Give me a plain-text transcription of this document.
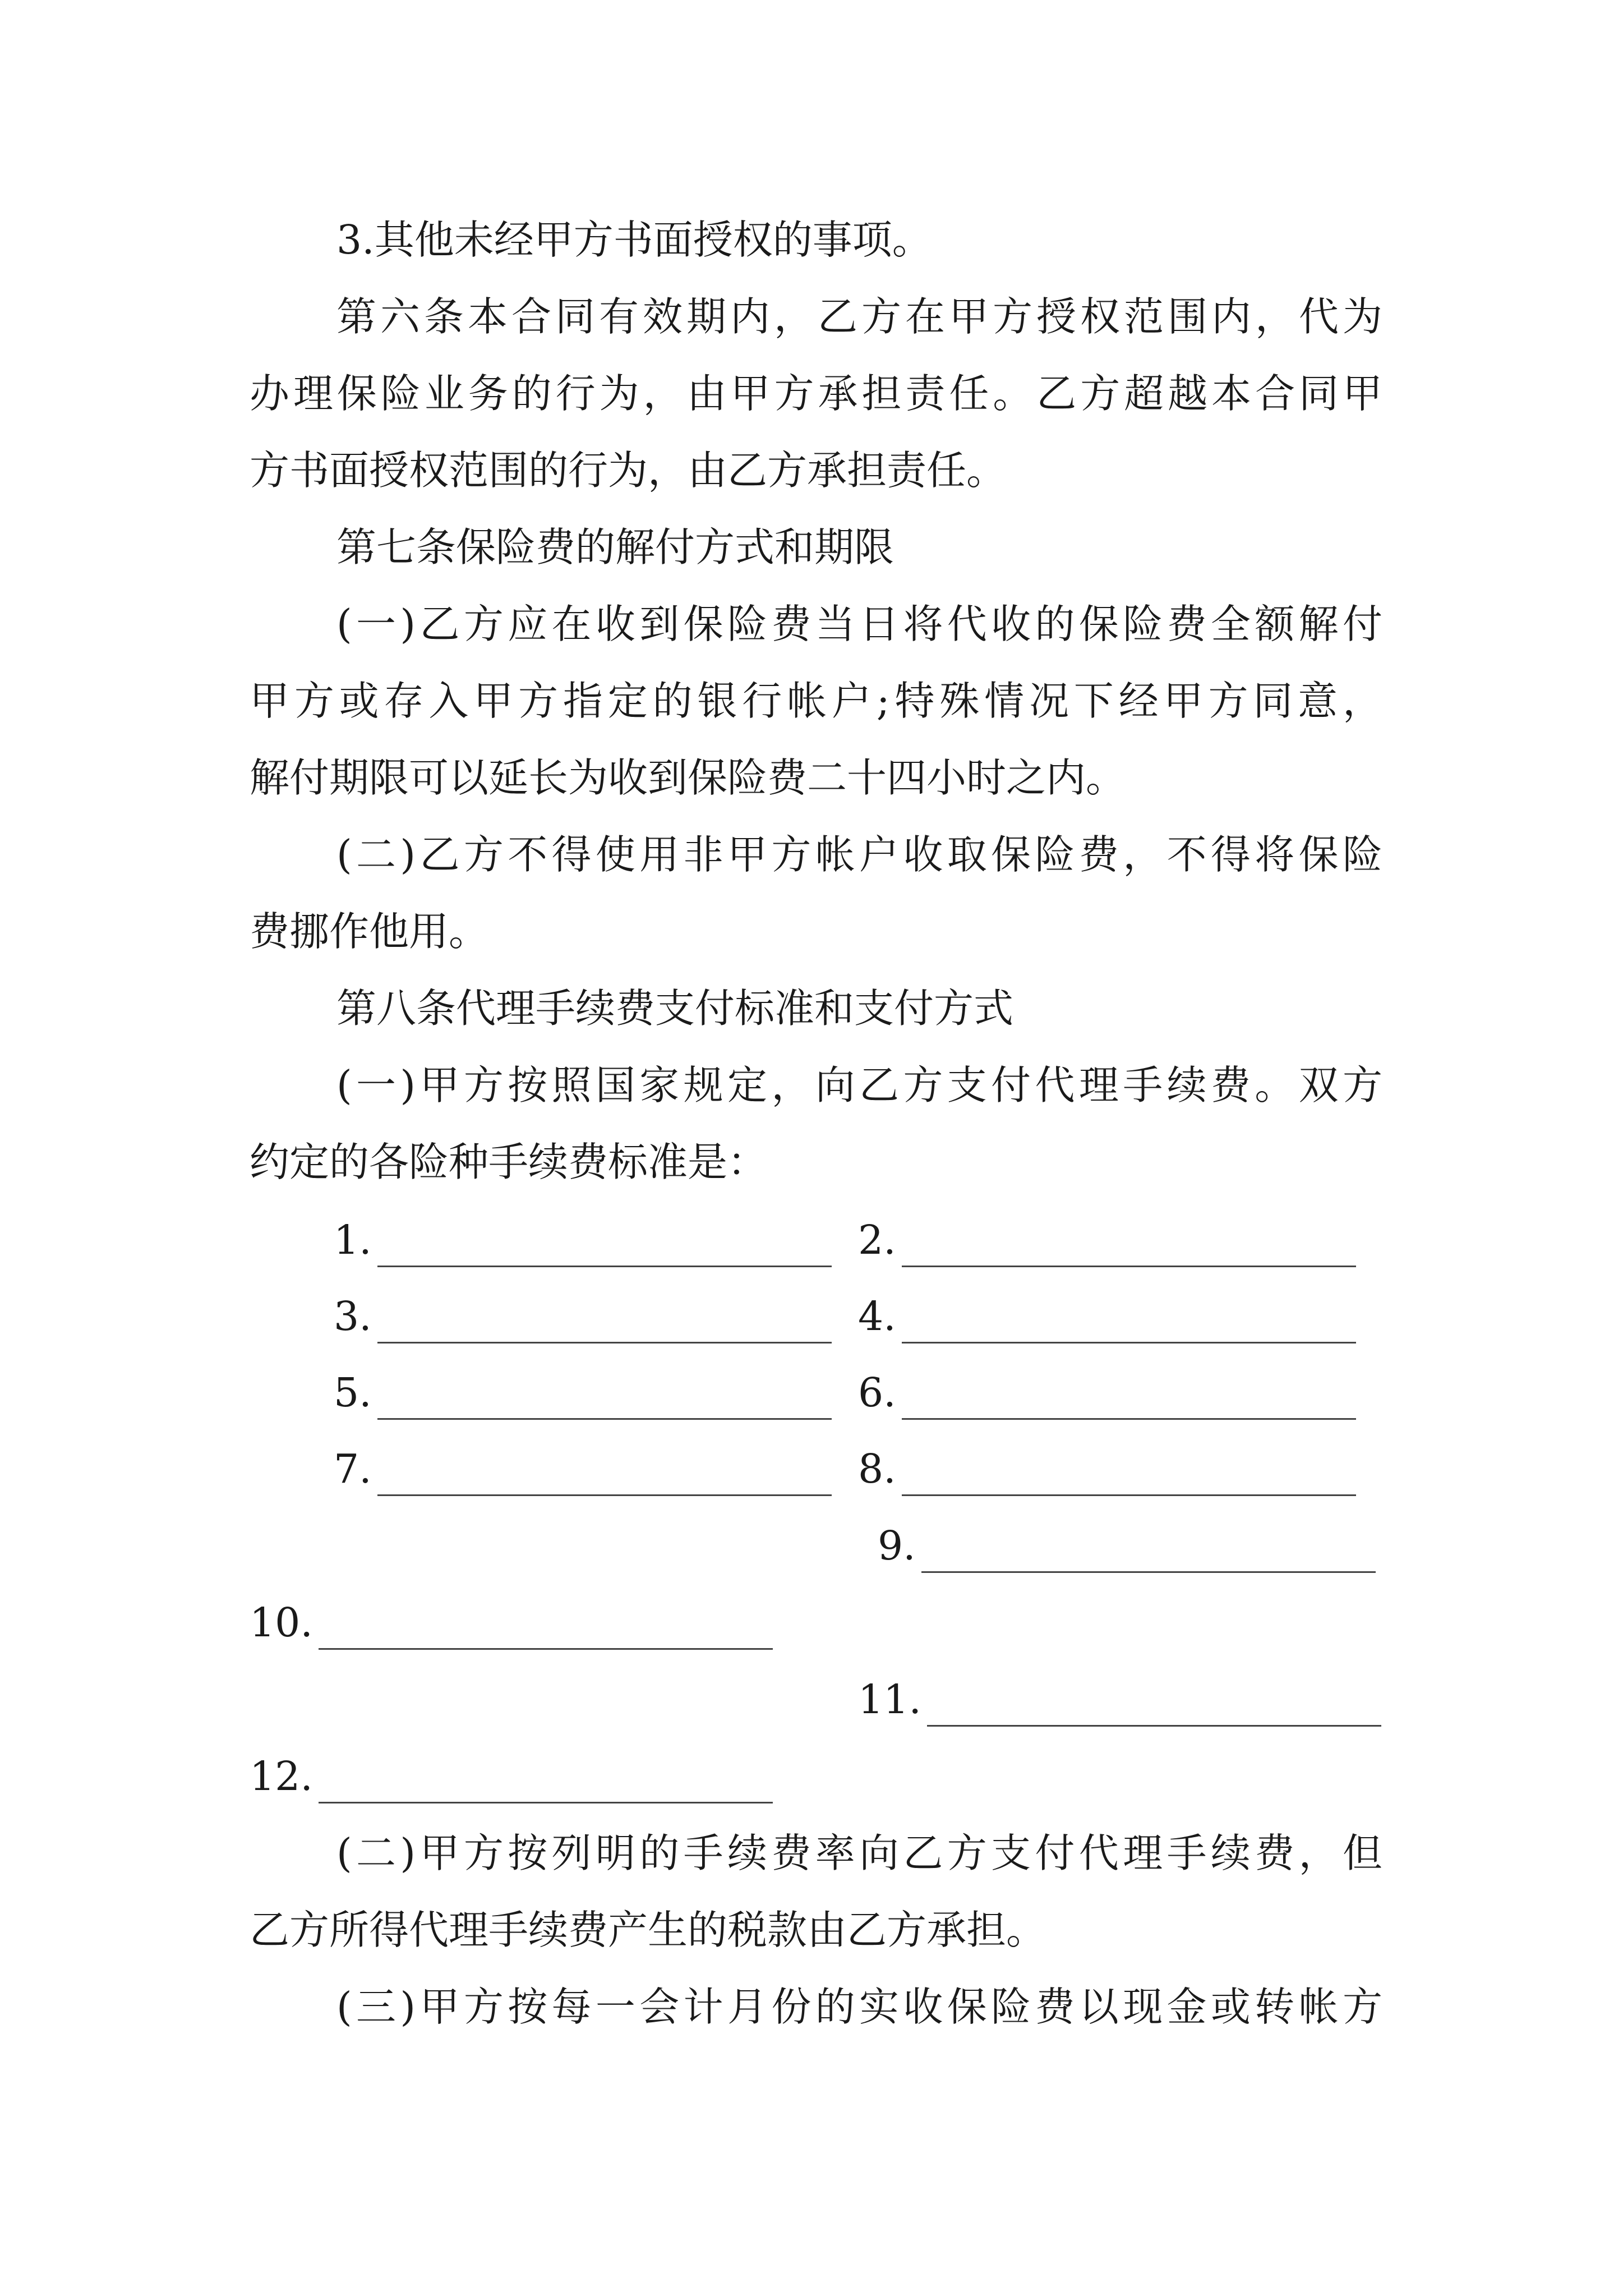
3.其他未经甲方书面授权的事项。
第六条本合同有效期内，乙方在甲方授权范围内，代为
办理保险业务的行为，由甲方承担责任。乙方超越本合同甲
方书面授权范围的行为，由乙方承担责任。
第七条保险费的解付方式和期限
(一)乙方应在收到保险费当日将代收的保险费全额解付
甲方或存入甲方指定的银行帐户;特殊情况下经甲方同意，
解付期限可以延长为收到保险费二十四小时之内。
(二)乙方不得使用非甲方帐户收取保险费，不得将保险
费挪作他用。
第八条代理手续费支付标准和支付方式
(一)甲方按照国家规定，向乙方支付代理手续费。双方
约定的各险种手续费标准是：
1.	2.
3.	4.
5.	6.
7.	8.
9.
10.
11.
12.
(二)甲方按列明的手续费率向乙方支付代理手续费，但
乙方所得代理手续费产生的税款由乙方承担。
(三)甲方按每一会计月份的实收保险费以现金或转帐方
